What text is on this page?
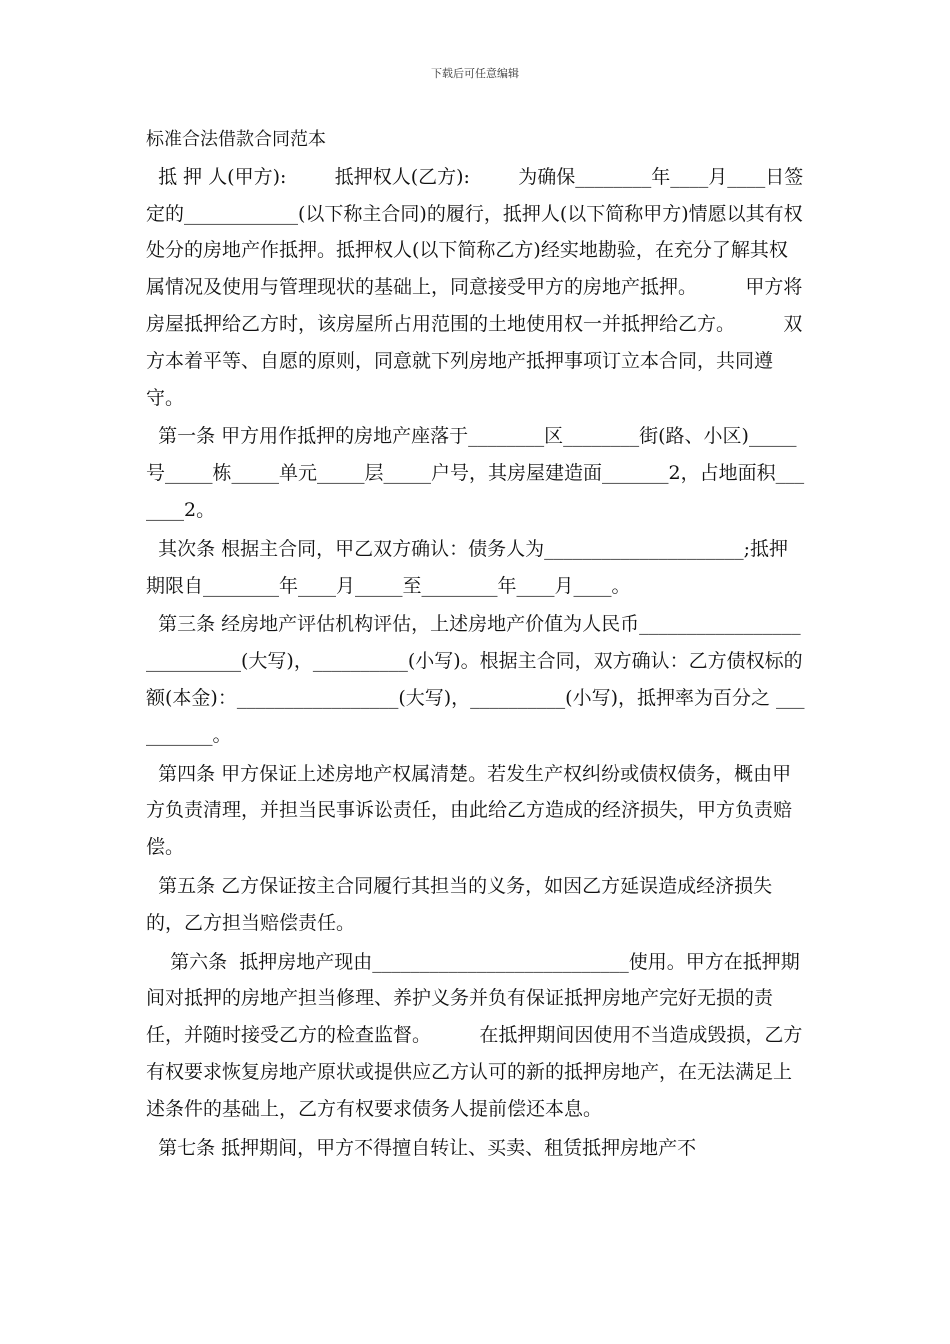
下载后可任意编辑

标准合法借款合同范本

抵 押 人(甲方):        抵押权人(乙方):        为确保________年____月____日签定的____________(以下称主合同)的履行，抵押人(以下简称甲方)情愿以其有权处分的房地产作抵押。抵押权人(以下简称乙方)经实地勘验，在充分了解其权属情况及使用与管理现状的基础上，同意接受甲方的房地产抵押。        甲方将房屋抵押给乙方时，该房屋所占用范围的土地使用权一并抵押给乙方。        双方本着平等、自愿的原则，同意就下列房地产抵押事项订立本合同，共同遵守。

第一条 甲方用作抵押的房地产座落于________区________街(路、小区)_____号_____栋_____单元_____层_____户号，其房屋建造面_______2，占地面积_______2。

其次条 根据主合同，甲乙双方确认：债务人为_____________________;抵押期限自________年____月_____至________年____月____。

第三条 经房地产评估机构评估，上述房地产价值为人民币___________________________(大写)，__________(小写)。根据主合同，双方确认：乙方债权标的额(本金)：_________________(大写)，__________(小写)，抵押率为百分之 __________。

第四条 甲方保证上述房地产权属清楚。若发生产权纠纷或债权债务，概由甲方负责清理，并担当民事诉讼责任，由此给乙方造成的经济损失，甲方负责赔偿。

第五条 乙方保证按主合同履行其担当的义务，如因乙方延误造成经济损失的，乙方担当赔偿责任。

第六条  抵押房地产现由___________________________使用。甲方在抵押期间对抵押的房地产担当修理、养护义务并负有保证抵押房地产完好无损的责任，并随时接受乙方的检查监督。        在抵押期间因使用不当造成毁损，乙方有权要求恢复房地产原状或提供应乙方认可的新的抵押房地产，在无法满足上述条件的基础上，乙方有权要求债务人提前偿还本息。

第七条 抵押期间，甲方不得擅自转让、买卖、租赁抵押房地产不
